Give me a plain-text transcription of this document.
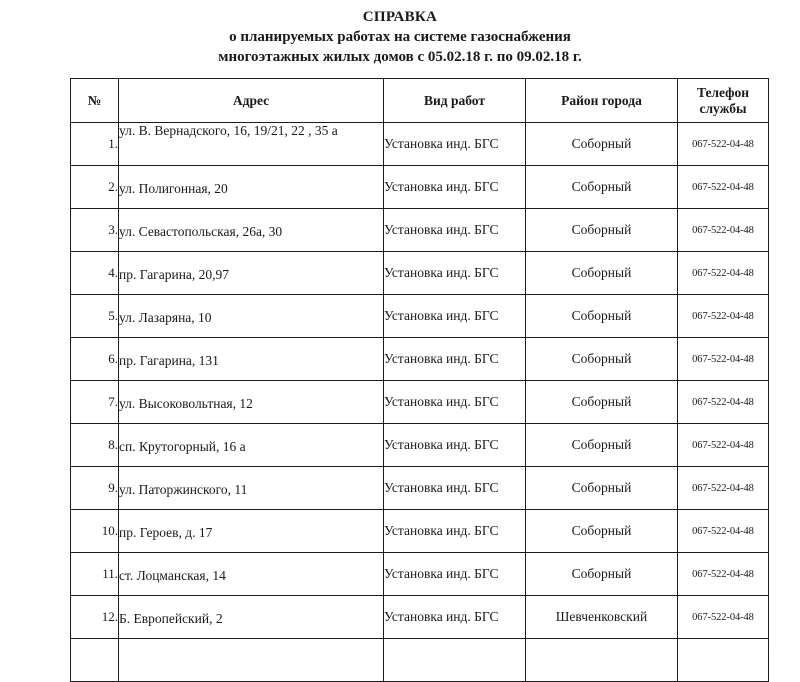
СПРАВКА
о планируемых работах на системе газоснабжения
многоэтажных жилых домов с 05.02.18 г. по 09.02.18 г.
№	Адрес	Вид работ	Район города	Телефон
службы
1.	ул. В. Вернадского, 16, 19/21, 22 , 35 а	Установка инд. БГС	Соборный	067-522-04-48
2.	ул. Полигонная, 20	Установка инд. БГС	Соборный	067-522-04-48
3.	ул. Севастопольская, 26а, 30	Установка инд. БГС	Соборный	067-522-04-48
4.	пр. Гагарина, 20,97	Установка инд. БГС	Соборный	067-522-04-48
5.	ул. Лазаряна, 10	Установка инд. БГС	Соборный	067-522-04-48
6.	пр. Гагарина, 131	Установка инд. БГС	Соборный	067-522-04-48
7.	ул. Высоковольтная, 12	Установка инд. БГС	Соборный	067-522-04-48
8.	сп. Крутогорный, 16 а	Установка инд. БГС	Соборный	067-522-04-48
9.	ул. Паторжинского, 11	Установка инд. БГС	Соборный	067-522-04-48
10.	пр. Героев, д. 17	Установка инд. БГС	Соборный	067-522-04-48
11.	ст. Лоцманская, 14	Установка инд. БГС	Соборный	067-522-04-48
12.	Б. Европейский, 2	Установка инд. БГС	Шевченковский	067-522-04-48
